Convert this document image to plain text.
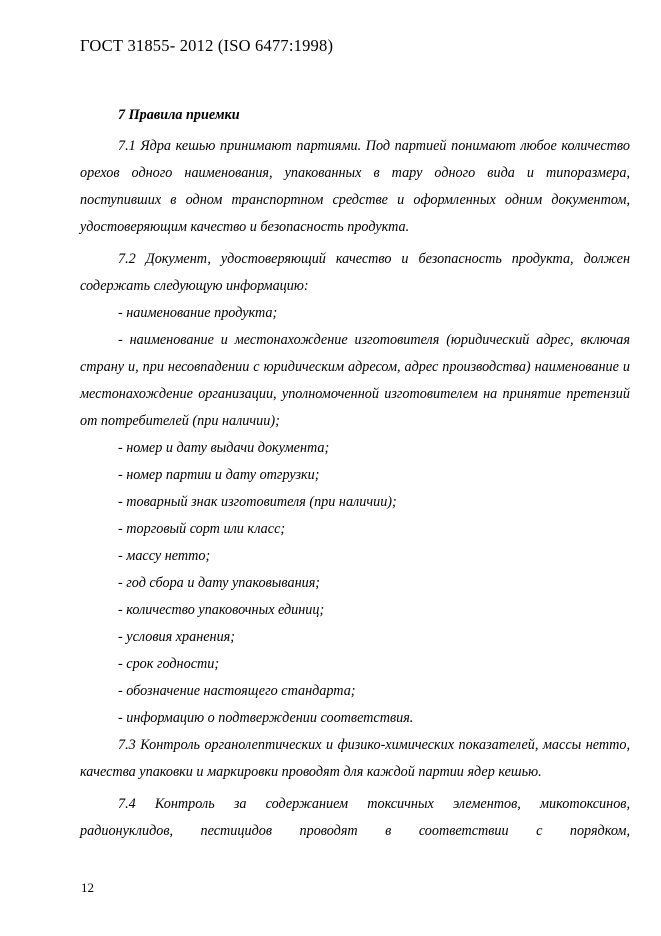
ГОСТ 31855- 2012 (ISO 6477:1998)
7 Правила приемки

7.1 Ядра кешью принимают партиями. Под партией понимают любое количество орехов одного наименования, упакованных в тару одного вида и типоразмера, поступивших в одном транспортном средстве и оформленных одним документом, удостоверяющим качество и безопасность продукта.

7.2 Документ, удостоверяющий качество и безопасность продукта, должен содержать следующую информацию:

- наименование продукта;

- наименование и местонахождение изготовителя (юридический адрес, включая страну и, при несовпадении с юридическим адресом, адрес производства) наименование и местонахождение организации, уполномоченной изготовителем на принятие претензий от потребителей (при наличии);

- номер и дату выдачи документа;
- номер партии и дату отгрузки;
- товарный знак изготовителя (при наличии);
- торговый сорт или класс;
- массу нетто;
- год сбора и дату упаковывания;
- количество упаковочных единиц;
- условия хранения;
- срок годности;
- обозначение настоящего стандарта;
- информацию о подтверждении соответствия.

7.3 Контроль органолептических и физико-химических показателей, массы нетто, качества упаковки и маркировки проводят для каждой партии ядер кешью.

7.4 Контроль за содержанием токсичных элементов, микотоксинов, радионуклидов, пестицидов проводят в соответствии с порядком,

12
